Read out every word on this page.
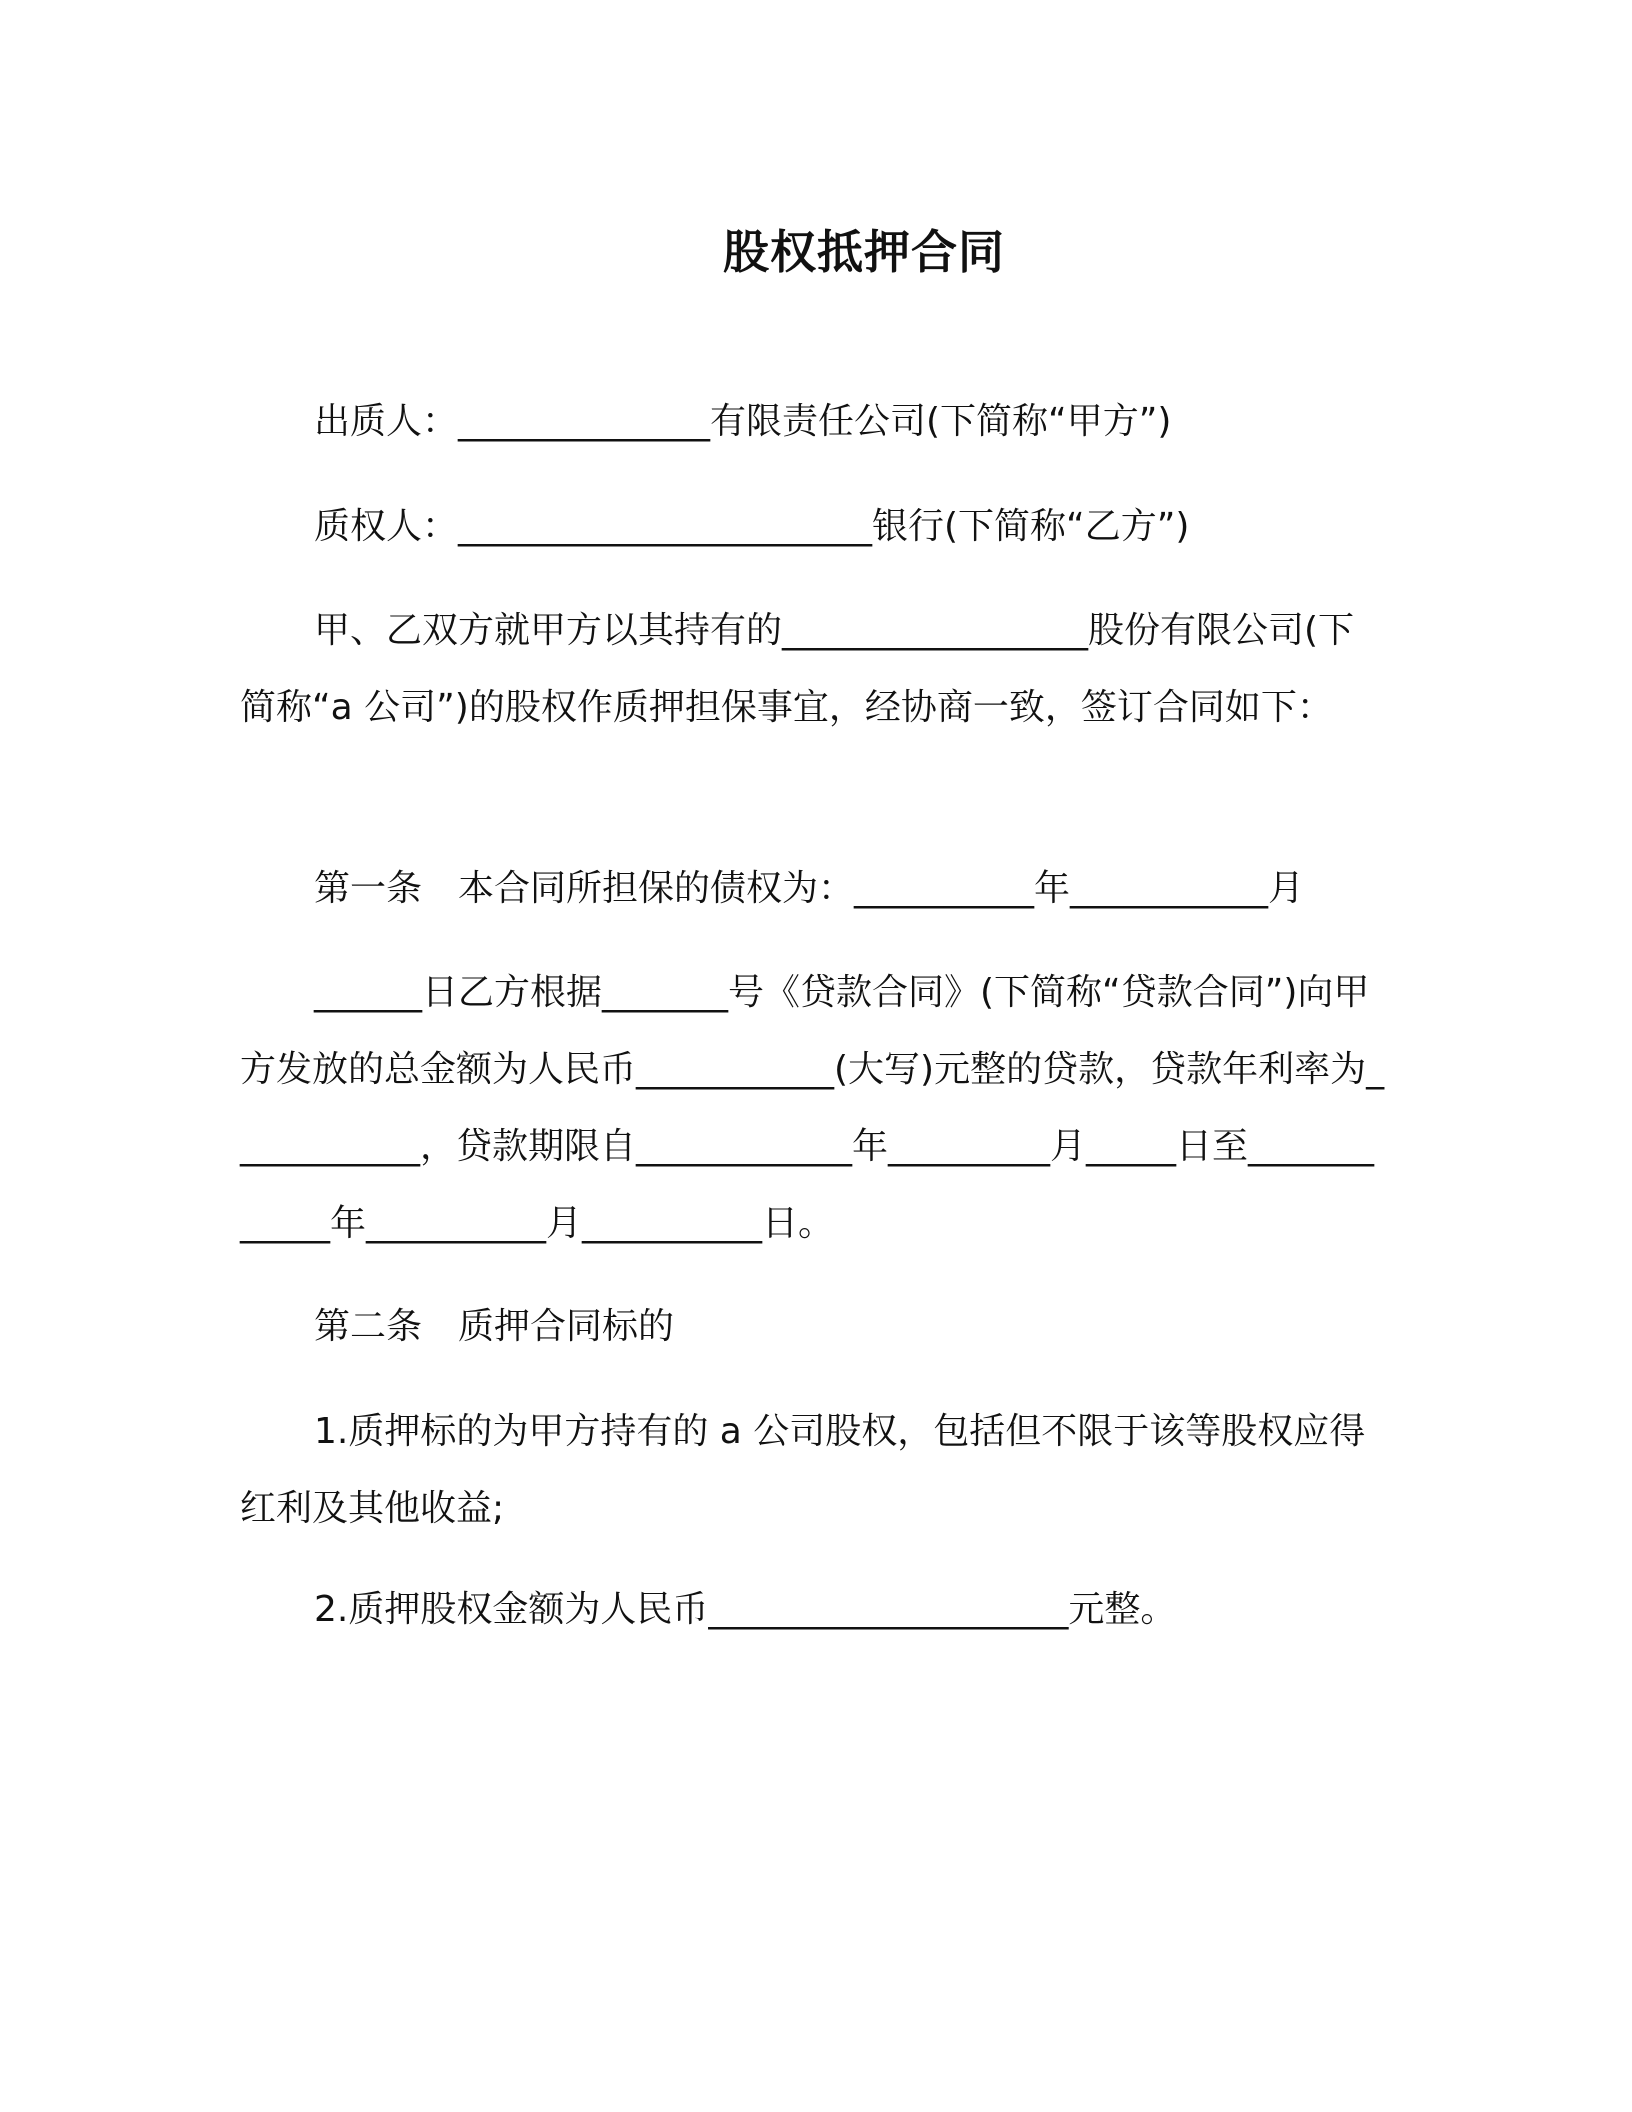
股权抵押合同
出质人：______________有限责任公司(下简称“甲方”)
质权人：_______________________银行(下简称“乙方”)
甲、乙双方就甲方以其持有的_________________股份有限公司(下简称“a 公司”)的股权作质押担保事宜，经协商一致，签订合同如下：
第一条　本合同所担保的债权为：__________年___________月
______日乙方根据_______号《贷款合同》(下简称“贷款合同”)向甲方发放的总金额为人民币___________(大写)元整的贷款，贷款年利率为___________，贷款期限自____________年_________月_____日至____________年__________月__________日。
第二条　质押合同标的
1.质押标的为甲方持有的 a 公司股权，包括但不限于该等股权应得红利及其他收益;
2.质押股权金额为人民币____________________元整。
